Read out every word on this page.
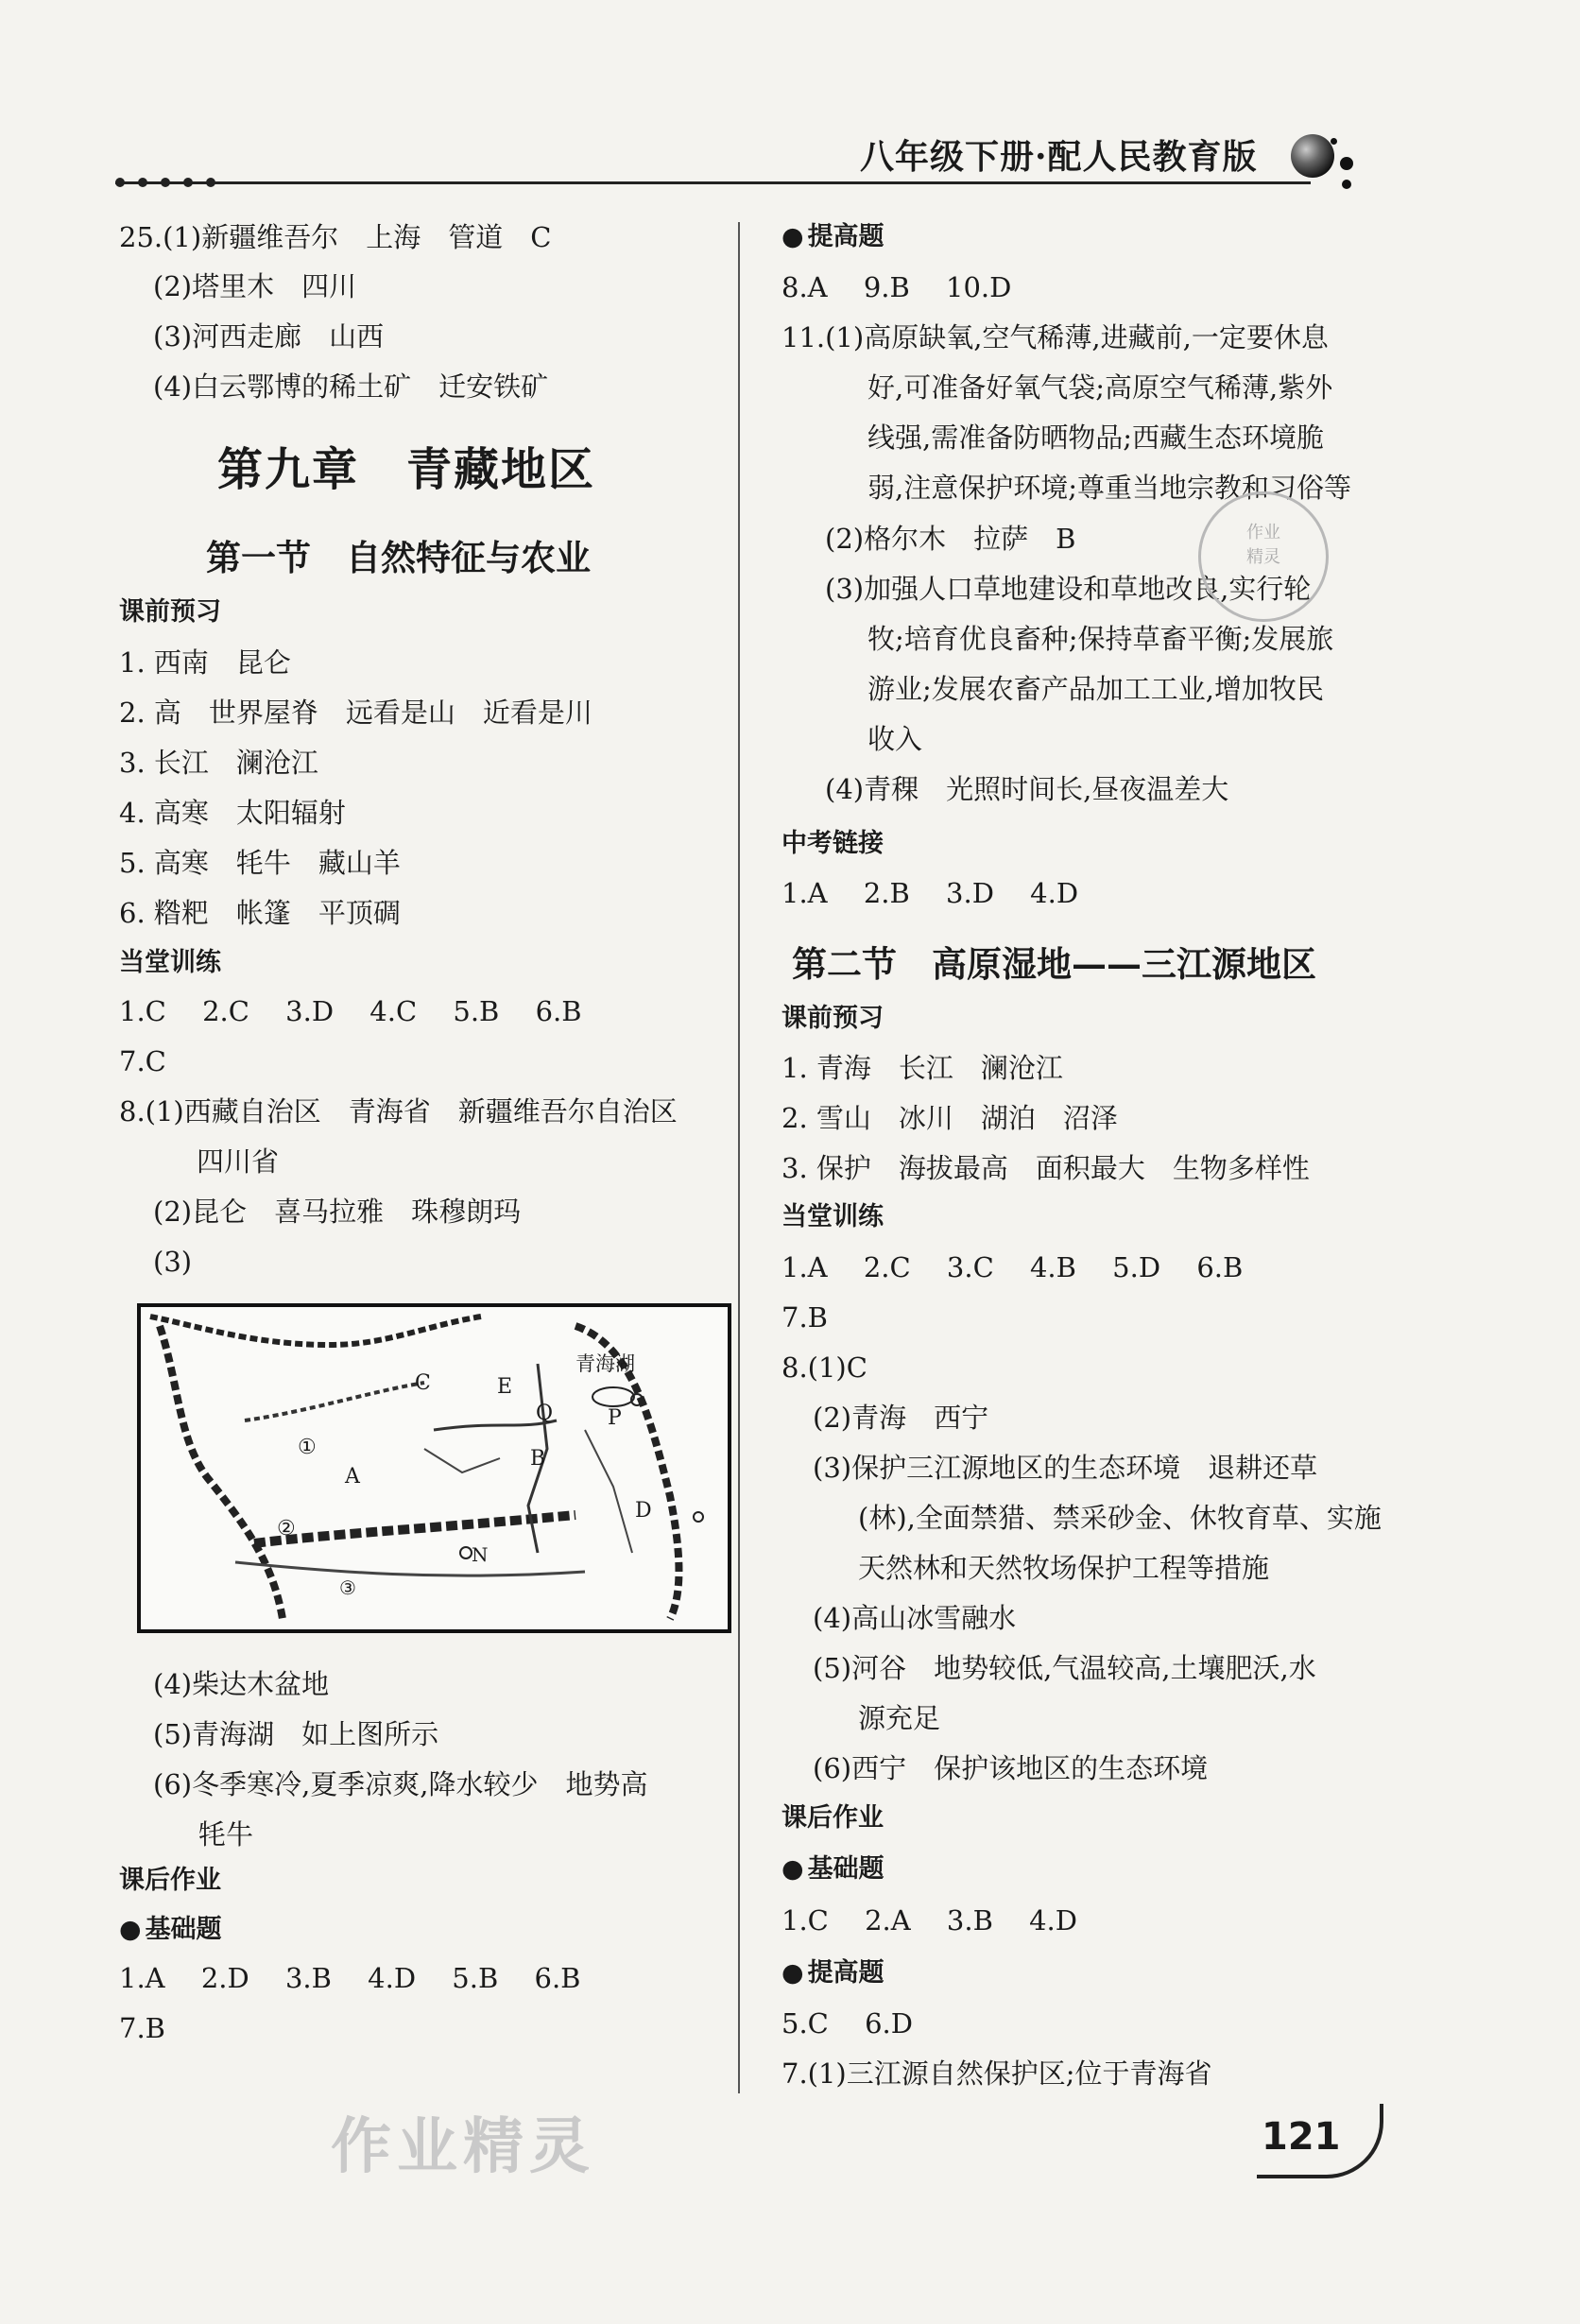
八年级下册·配人民教育版
25.(1)新疆维吾尔　上海　管道　C
(2)塔里木　四川
(3)河西走廊　山西
(4)白云鄂博的稀土矿　迁安铁矿
第九章　青藏地区
第一节　自然特征与农业
课前预习
1. 西南　昆仑
2. 高　世界屋脊　远看是山　近看是川
3. 长江　澜沧江
4. 高寒　太阳辐射
5. 高寒　牦牛　藏山羊
6. 糌粑　帐篷　平顶碉
当堂训练
1.C　 2.C　 3.D　 4.C　 5.B　 6.B
7.C
8.(1)西藏自治区　青海省　新疆维吾尔自治区
四川省
(2)昆仑　喜马拉雅　珠穆朗玛
(3)
青海湖
C	E
Q	P
B
A
D
N
①
②
③
(4)柴达木盆地
(5)青海湖　如上图所示
(6)冬季寒冷,夏季凉爽,降水较少　地势高
牦牛
课后作业
● 基础题
1.A　 2.D　 3.B　 4.D　 5.B　 6.B
7.B
● 提高题
8.A　 9.B　 10.D
11.(1)高原缺氧,空气稀薄,进藏前,一定要休息
好,可准备好氧气袋;高原空气稀薄,紫外
线强,需准备防晒物品;西藏生态环境脆
弱,注意保护环境;尊重当地宗教和习俗等
(2)格尔木　拉萨　B
(3)加强人口草地建设和草地改良,实行轮
牧;培育优良畜种;保持草畜平衡;发展旅
游业;发展农畜产品加工工业,增加牧民
收入
(4)青稞　光照时间长,昼夜温差大
中考链接
1.A　 2.B　 3.D　 4.D
第二节　高原湿地——三江源地区
课前预习
1. 青海　长江　澜沧江
2. 雪山　冰川　湖泊　沼泽
3. 保护　海拔最高　面积最大　生物多样性
当堂训练
1.A　 2.C　 3.C　 4.B　 5.D　 6.B
7.B
8.(1)C
(2)青海　西宁
(3)保护三江源地区的生态环境　退耕还草
(林),全面禁猎、禁采砂金、休牧育草、实施
天然林和天然牧场保护工程等措施
(4)高山冰雪融水
(5)河谷　地势较低,气温较高,土壤肥沃,水
源充足
(6)西宁　保护该地区的生态环境
课后作业
● 基础题
1.C　 2.A　 3.B　 4.D
● 提高题
5.C　 6.D
7.(1)三江源自然保护区;位于青海省
作业
精灵
作业精灵	121
